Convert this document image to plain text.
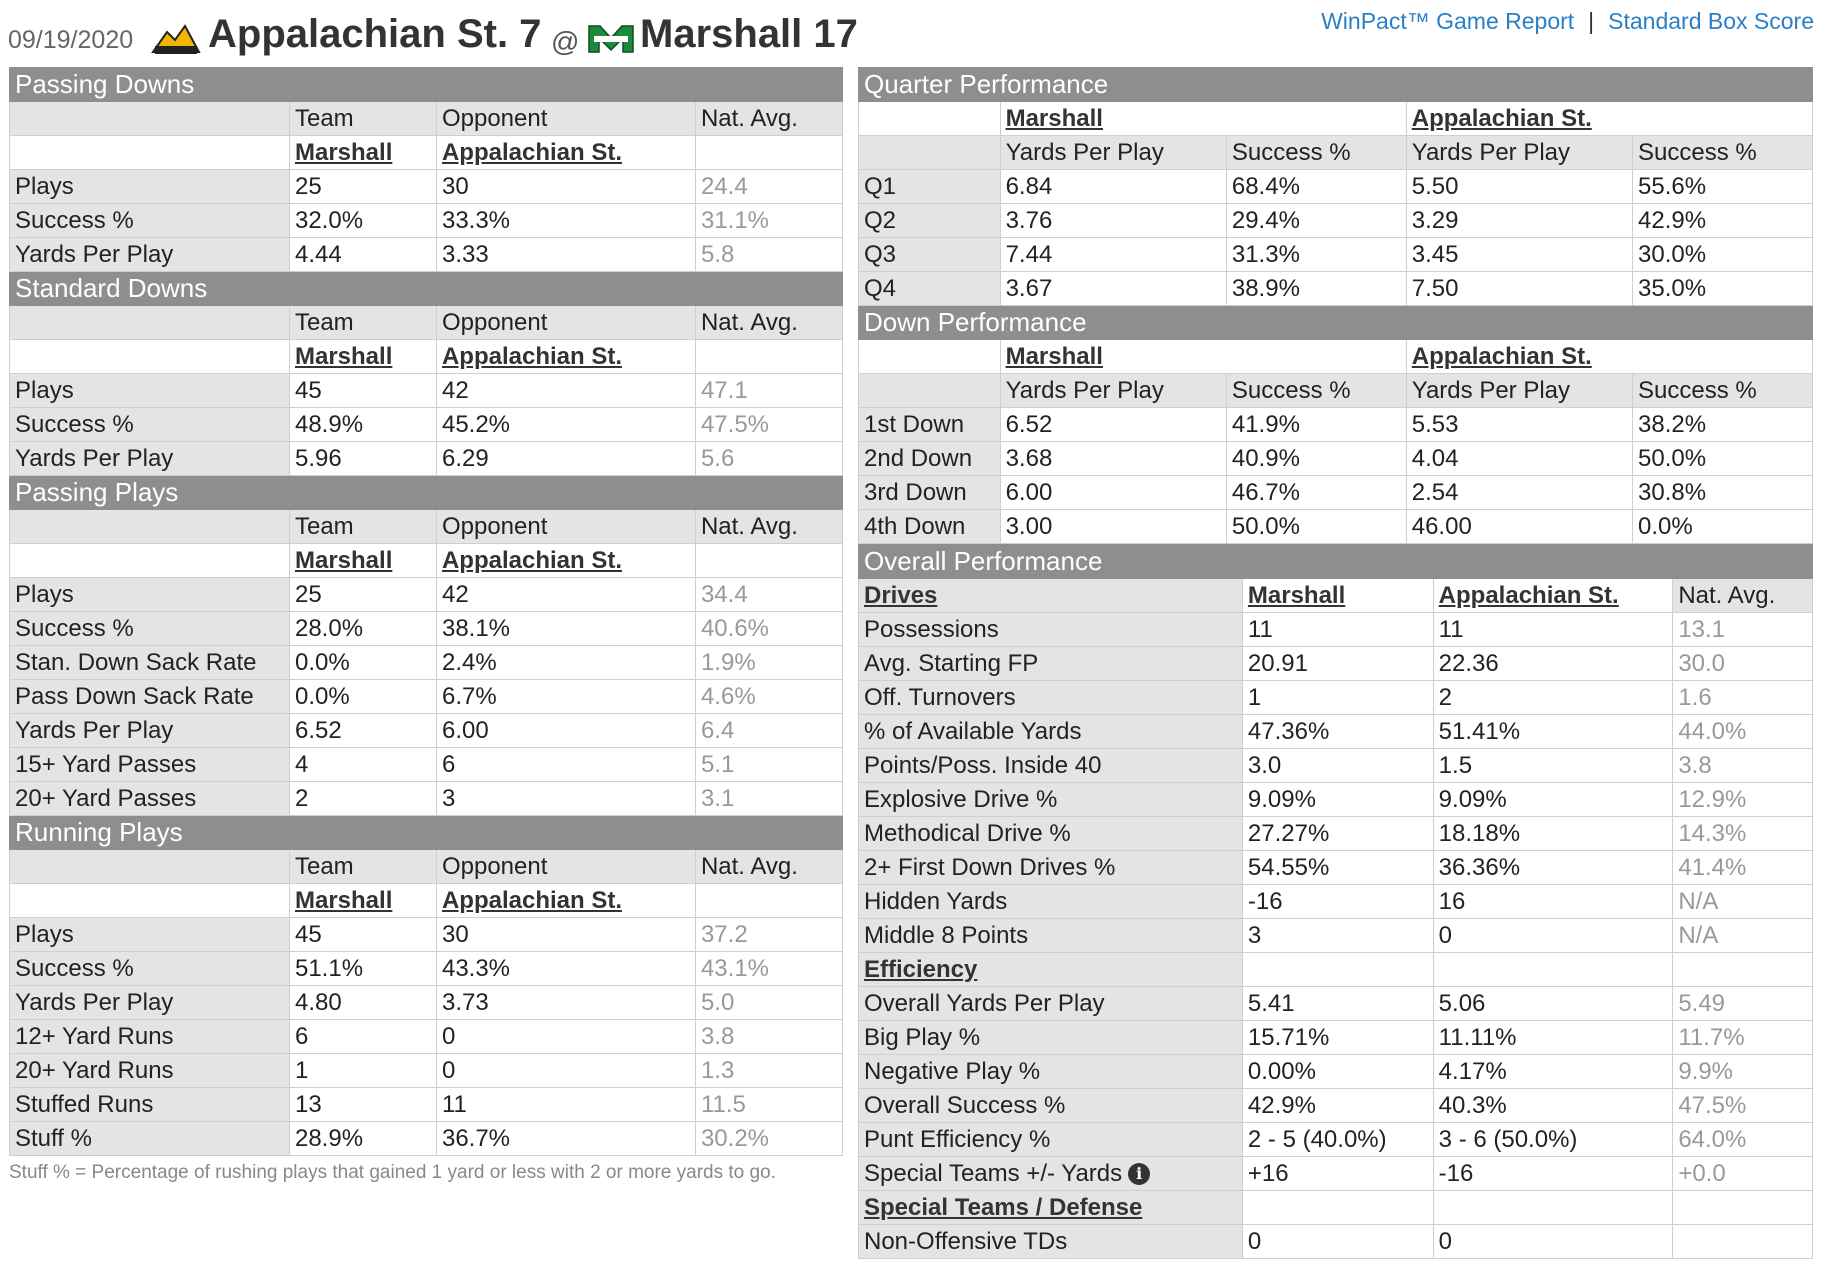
09/19/2020 Appalachian St. 7 @ Marshall 17	WinPact™ Game Report | Standard Box Score
Passing Downs			
	Team	Opponent	Nat. Avg.
	Marshall	Appalachian St.	
Plays	25	30	24.4
Success %	32.0%	33.3%	31.1%
Yards Per Play	4.44	3.33	5.8
Standard Downs			
	Team	Opponent	Nat. Avg.
	Marshall	Appalachian St.	
Plays	45	42	47.1
Success %	48.9%	45.2%	47.5%
Yards Per Play	5.96	6.29	5.6
Passing Plays			
	Team	Opponent	Nat. Avg.
	Marshall	Appalachian St.	
Plays	25	42	34.4
Success %	28.0%	38.1%	40.6%
Stan. Down Sack Rate	0.0%	2.4%	1.9%
Pass Down Sack Rate	0.0%	6.7%	4.6%
Yards Per Play	6.52	6.00	6.4
15+ Yard Passes	4	6	5.1
20+ Yard Passes	2	3	3.1
Running Plays			
	Team	Opponent	Nat. Avg.
	Marshall	Appalachian St.	
Plays	45	30	37.2
Success %	51.1%	43.3%	43.1%
Yards Per Play	4.80	3.73	5.0
12+ Yard Runs	6	0	3.8
20+ Yard Runs	1	0	1.3
Stuffed Runs	13	11	11.5
Stuff %	28.9%	36.7%	30.2%
Stuff % = Percentage of rushing plays that gained 1 yard or less with 2 or more yards to go.
Quarter Performance				
	Marshall		Appalachian St.	
	Yards Per Play	Success %	Yards Per Play	Success %
Q1	6.84	68.4%	5.50	55.6%
Q2	3.76	29.4%	3.29	42.9%
Q3	7.44	31.3%	3.45	30.0%
Q4	3.67	38.9%	7.50	35.0%
Down Performance				
	Marshall		Appalachian St.	
	Yards Per Play	Success %	Yards Per Play	Success %
1st Down	6.52	41.9%	5.53	38.2%
2nd Down	3.68	40.9%	4.04	50.0%
3rd Down	6.00	46.7%	2.54	30.8%
4th Down	3.00	50.0%	46.00	0.0%
Overall Performance			
Drives	Marshall	Appalachian St.	Nat. Avg.
Possessions	11	11	13.1
Avg. Starting FP	20.91	22.36	30.0
Off. Turnovers	1	2	1.6
% of Available Yards	47.36%	51.41%	44.0%
Points/Poss. Inside 40	3.0	1.5	3.8
Explosive Drive %	9.09%	9.09%	12.9%
Methodical Drive %	27.27%	18.18%	14.3%
2+ First Down Drives %	54.55%	36.36%	41.4%
Hidden Yards	-16	16	N/A
Middle 8 Points	3	0	N/A
Efficiency			
Overall Yards Per Play	5.41	5.06	5.49
Big Play %	15.71%	11.11%	11.7%
Negative Play %	0.00%	4.17%	9.9%
Overall Success %	42.9%	40.3%	47.5%
Punt Efficiency %	2 - 5 (40.0%)	3 - 6 (50.0%)	64.0%
Special Teams +/- Yards i	+16	-16	+0.0
Special Teams / Defense			
Non-Offensive TDs	0	0	
